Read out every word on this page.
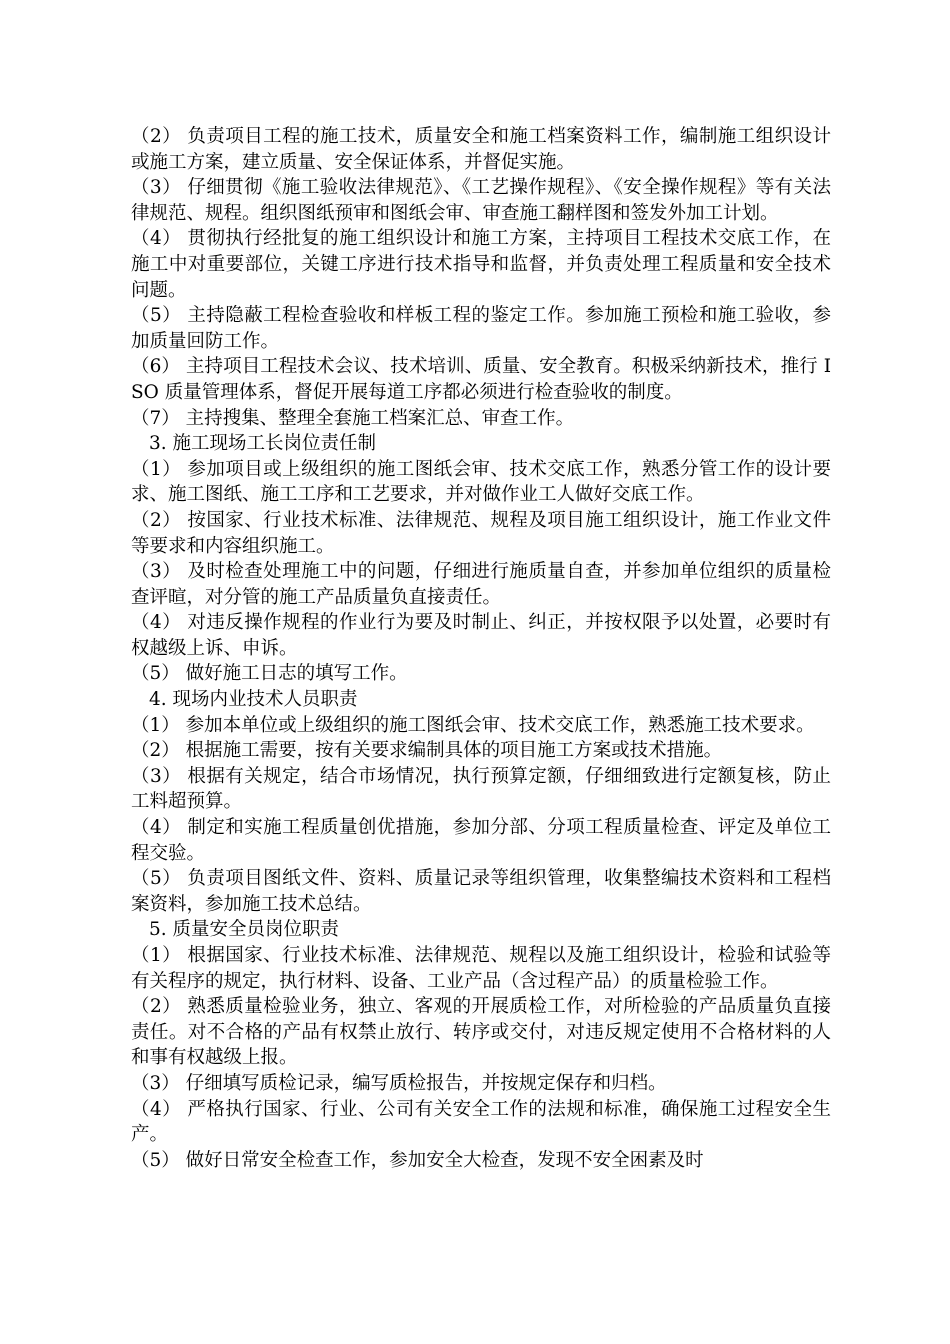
（2） 负责项目工程的施工技术，质量安全和施工档案资料工作，编制施工组织设计或施工方案，建立质量、安全保证体系，并督促实施。

（3） 仔细贯彻《施工验收法律规范》、《工艺操作规程》、《安全操作规程》等有关法律规范、规程。组织图纸预审和图纸会审、审查施工翻样图和签发外加工计划。

（4） 贯彻执行经批复的施工组织设计和施工方案，主持项目工程技术交底工作，在施工中对重要部位，关键工序进行技术指导和监督，并负责处理工程质量和安全技术问题。

（5） 主持隐蔽工程检查验收和样板工程的鉴定工作。参加施工预检和施工验收，参加质量回防工作。

（6） 主持项目工程技术会议、技术培训、质量、安全教育。积极采纳新技术，推行 ISO 质量管理体系，督促开展每道工序都必须进行检查验收的制度。

（7） 主持搜集、整理全套施工档案汇总、审查工作。

3. 施工现场工长岗位责任制

（1） 参加项目或上级组织的施工图纸会审、技术交底工作，熟悉分管工作的设计要求、施工图纸、施工工序和工艺要求，并对做作业工人做好交底工作。

（2） 按国家、行业技术标准、法律规范、规程及项目施工组织设计，施工作业文件等要求和内容组织施工。

（3） 及时检查处理施工中的问题，仔细进行施质量自查，并参加单位组织的质量检查评暄，对分管的施工产品质量负直接责任。

（4） 对违反操作规程的作业行为要及时制止、纠正，并按权限予以处置，必要时有权越级上诉、申诉。

（5） 做好施工日志的填写工作。

4. 现场内业技术人员职责

（1） 参加本单位或上级组织的施工图纸会审、技术交底工作，熟悉施工技术要求。

（2） 根据施工需要，按有关要求编制具体的项目施工方案或技术措施。

（3） 根据有关规定，结合市场情况，执行预算定额，仔细细致进行定额复核，防止工料超预算。

（4） 制定和实施工程质量创优措施，参加分部、分项工程质量检查、评定及单位工程交验。

（5） 负责项目图纸文件、资料、质量记录等组织管理，收集整编技术资料和工程档案资料，参加施工技术总结。

5. 质量安全员岗位职责

（1） 根据国家、行业技术标准、法律规范、规程以及施工组织设计，检验和试验等有关程序的规定，执行材料、设备、工业产品（含过程产品）的质量检验工作。

（2） 熟悉质量检验业务，独立、客观的开展质检工作，对所检验的产品质量负直接责任。对不合格的产品有权禁止放行、转序或交付，对违反规定使用不合格材料的人和事有权越级上报。

（3） 仔细填写质检记录，编写质检报告，并按规定保存和归档。

（4） 严格执行国家、行业、公司有关安全工作的法规和标准，确保施工过程安全生产。

（5） 做好日常安全检查工作，参加安全大检查，发现不安全困素及时
